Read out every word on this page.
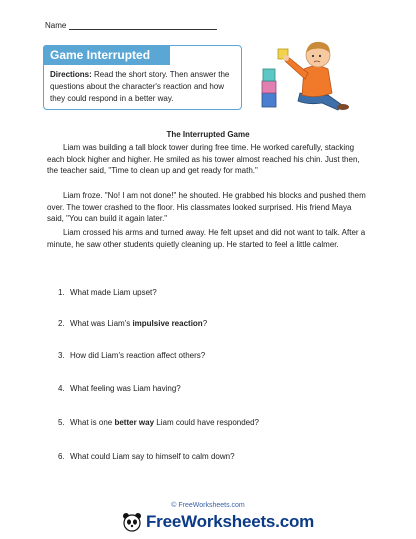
Name
Game Interrupted

Directions: Read the short story. Then answer the questions about the character's reaction and how they could respond in a better way.

The Interrupted Game

Liam was building a tall block tower during free time. He worked carefully, stacking each block higher and higher. He smiled as his tower almost reached his chin. Just then, the teacher said, "Time to clean up and get ready for math."

Liam froze. "No! I am not done!" he shouted. He grabbed his blocks and pushed them over. The tower crashed to the floor. His classmates looked surprised. His friend Maya said, "You can build it again later."

Liam crossed his arms and turned away. He felt upset and did not want to talk. After a minute, he saw other students quietly cleaning up. He started to feel a little calmer.

1. What made Liam upset?
2. What was Liam's impulsive reaction?
3. How did Liam's reaction affect others?
4. What feeling was Liam having?
5. What is one better way Liam could have responded?
6. What could Liam say to himself to calm down?
© FreeWorksheets.com
FreeWorksheets.com
